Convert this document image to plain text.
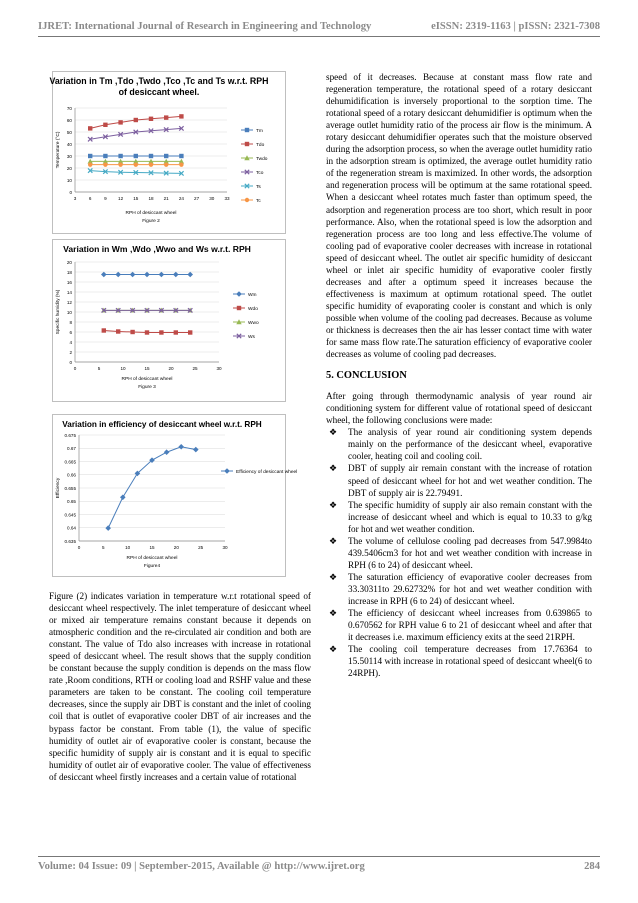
IJRET: International Journal of Research in Engineering and Technology	eISSN: 2319-1163 | pISSN: 2321-7308
Variation in Tm ,Tdo ,Twdo ,Tco ,Tc and Ts w.r.t. RPH
of desiccant wheel.
0
10
20
30
40
50
60
70
3	6	9 12 15 18 21 24 27 30 33
Temperature (°C)
RPH of desiccant wheel
Figure 2
Tm
Tdo
Twdo
Tco
Ts
Tc
Variation in Wm ,Wdo ,Wwo and Ws w.r.t. RPH
0
2
4
6
8
10
12
14
16
18
20
0	5	10	15	20	25	30
Specific humidity (%)
RPH of desiccant wheel
Figure 3
Wm
Wdo
Wwo
Ws
Variation in efficiency of desiccant wheel w.r.t. RPH
0.635
0.64
0.645
0.65
0.655
0.66
0.665
0.67
0.675
0	5	10	15	20	25	30
Efficiency
RPH of desiccant wheel
Figure4
Efficiency of desiccant wheel
Figure (2) indicates variation in temperature w.r.t rotational speed of desiccant wheel respectively. The inlet temperature of desiccant wheel or mixed air temperature remains constant because it depends on atmospheric condition and the re-circulated air condition and both are constant. The value of Tdo also increases with increase in rotational speed of desiccant wheel. The result shows that the supply condition be constant because the supply condition is depends on the mass flow rate ,Room conditions, RTH or cooling load and RSHF value and these parameters are taken to be constant. The cooling coil temperature decreases, since the supply air DBT is constant and the inlet of cooling coil that is outlet of evaporative cooler DBT of air increases and the bypass factor be constant. From table (1), the value of specific humidity of outlet air of evaporative cooler is constant, because the specific humidity of supply air is constant and it is equal to specific humidity of outlet air of evaporative cooler. The value of effectiveness of desiccant wheel firstly increases and a certain value of rotational
speed of it decreases. Because at constant mass flow rate and regeneration temperature, the rotational speed of a rotary desiccant dehumidification is inversely proportional to the sorption time. The rotational speed of a rotary desiccant dehumidifier is optimum when the average outlet humidity ratio of the process air flow is the minimum. A rotary desiccant dehumidifier operates such that the moisture observed during the adsorption process, so when the average outlet humidity ratio in the adsorption stream is optimized, the average outlet humidity ratio of the regeneration stream is maximized. In other words, the adsorption and regeneration process will be optimum at the same rotational speed. When a desiccant wheel rotates much faster than optimum speed, the adsorption and regeneration process are too short, which result in poor performance. Also, when the rotational speed is low the adsorption and regeneration process are too long and less effective.The volume of cooling pad of evaporative cooler decreases with increase in rotational speed of desiccant wheel. The outlet air specific humidity of desiccant wheel or inlet air specific humidity of evaporative cooler firstly decreases and after a optimum speed it increases because the effectiveness is maximum at optimum rotational speed. The outlet specific humidity of evaporating cooler is constant and which is only possible when volume of the cooling pad decreases. Because as volume or thickness is decreases then the air has lesser contact time with water for same mass flow rate.The saturation efficiency of evaporative cooler decreases as volume of cooling pad decreases.
5. CONCLUSION
After going through thermodynamic analysis of year round air conditioning system for different value of rotational speed of desiccant wheel, the following conclusions were made:
❖ The analysis of year round air conditioning system depends mainly on the performance of the desiccant wheel, evaporative cooler, heating coil and cooling coil.
❖ DBT of supply air remain constant with the increase of rotation speed of desiccant wheel for hot and wet weather condition. The DBT of supply air is 22.79491.
❖ The specific humidity of supply air also remain constant with the increase of desiccant wheel and which is equal to 10.33 to g/kg for hot and wet weather condition.
❖ The volume of cellulose cooling pad decreases from 547.9984to 439.5406cm3 for hot and wet weather condition with increase in RPH (6 to 24) of desiccant wheel.
❖ The saturation efficiency of evaporative cooler decreases from 33.30311to 29.62732% for hot and wet weather condition with increase in RPH (6 to 24) of desiccant wheel.
❖ The efficiency of desiccant wheel increases from 0.639865 to 0.670562 for RPH value 6 to 21 of desiccant wheel and after that it decreases i.e. maximum efficiency exits at the seed 21RPH.
❖ The cooling coil temperature decreases from 17.76364 to 15.50114 with increase in rotational speed of desiccant wheel(6 to 24RPH).
Volume: 04 Issue: 09 | September-2015, Available @ http://www.ijret.org	284
